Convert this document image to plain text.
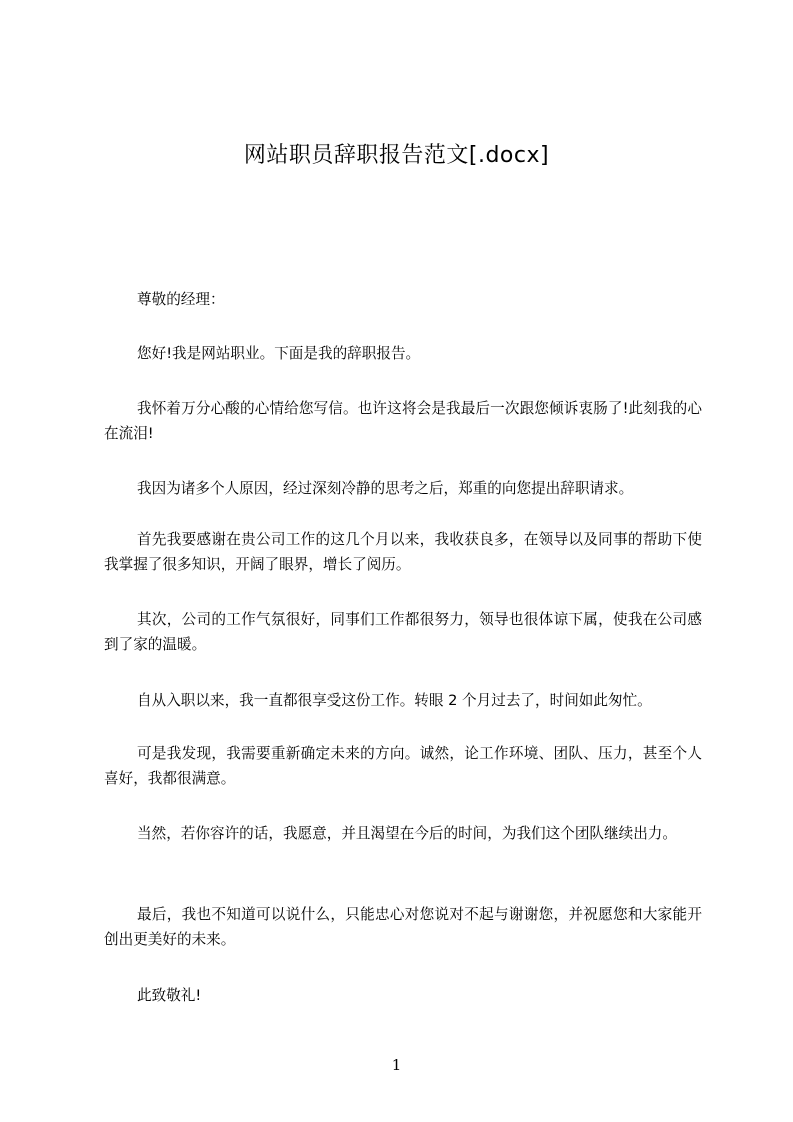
网站职员辞职报告范文[.docx]
尊敬的经理：
您好!我是网站职业。下面是我的辞职报告。
我怀着万分心酸的心情给您写信。也许这将会是我最后一次跟您倾诉衷肠了!此刻我的心在流泪!
我因为诸多个人原因，经过深刻冷静的思考之后，郑重的向您提出辞职请求。
首先我要感谢在贵公司工作的这几个月以来，我收获良多，在领导以及同事的帮助下使我掌握了很多知识，开阔了眼界，增长了阅历。
其次，公司的工作气氛很好，同事们工作都很努力，领导也很体谅下属，使我在公司感到了家的温暖。
自从入职以来，我一直都很享受这份工作。转眼 2 个月过去了，时间如此匆忙。
可是我发现，我需要重新确定未来的方向。诚然，论工作环境、团队、压力，甚至个人喜好，我都很满意。
当然，若你容许的话，我愿意，并且渴望在今后的时间，为我们这个团队继续出力。
最后，我也不知道可以说什么，只能忠心对您说对不起与谢谢您，并祝愿您和大家能开创出更美好的未来。
此致敬礼!
1
